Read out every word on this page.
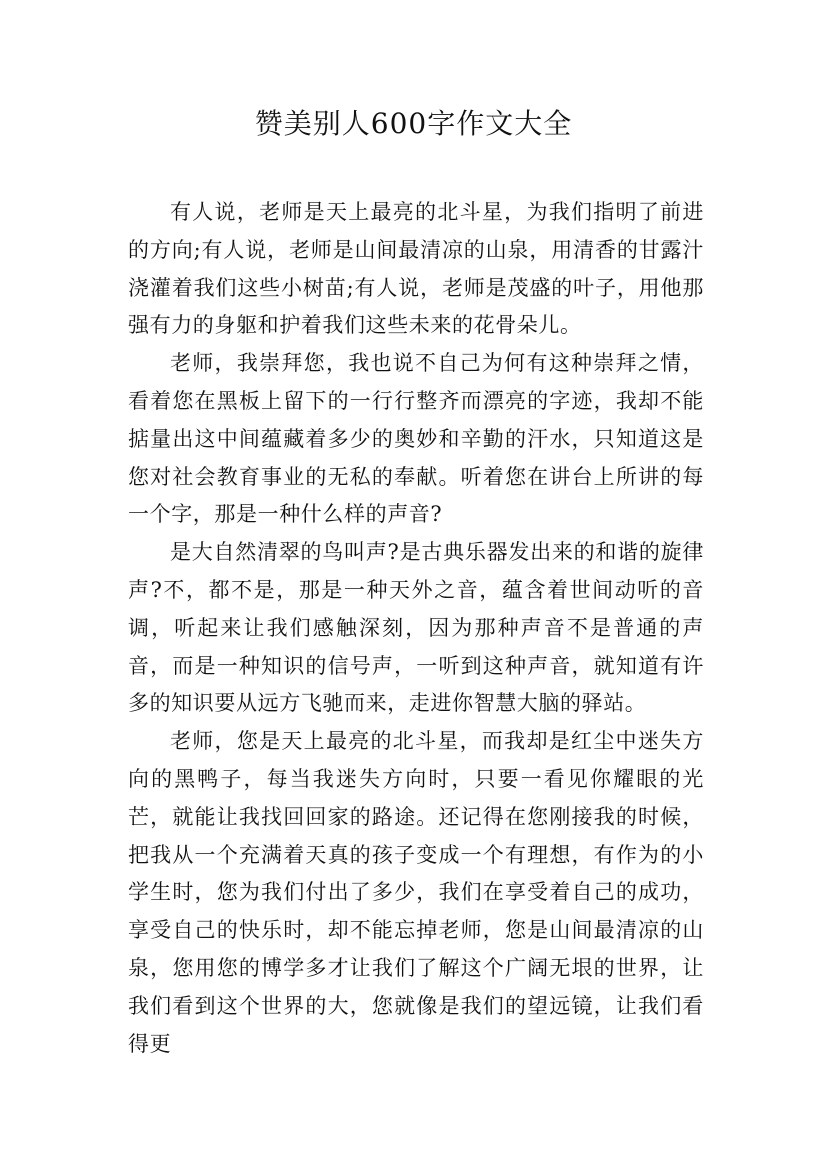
赞美别人600字作文大全

有人说，老师是天上最亮的北斗星，为我们指明了前进的方向;有人说，老师是山间最清凉的山泉，用清香的甘露汁浇灌着我们这些小树苗;有人说，老师是茂盛的叶子，用他那强有力的身躯和护着我们这些未来的花骨朵儿。

老师，我崇拜您，我也说不自己为何有这种崇拜之情，看着您在黑板上留下的一行行整齐而漂亮的字迹，我却不能掂量出这中间蕴藏着多少的奥妙和辛勤的汗水，只知道这是您对社会教育事业的无私的奉献。听着您在讲台上所讲的每一个字，那是一种什么样的声音?

是大自然清翠的鸟叫声?是古典乐器发出来的和谐的旋律声?不，都不是，那是一种天外之音，蕴含着世间动听的音调，听起来让我们感触深刻，因为那种声音不是普通的声音，而是一种知识的信号声，一听到这种声音，就知道有许多的知识要从远方飞驰而来，走进你智慧大脑的驿站。

老师，您是天上最亮的北斗星，而我却是红尘中迷失方向的黑鸭子，每当我迷失方向时，只要一看见你耀眼的光芒，就能让我找回回家的路途。还记得在您刚接我的时候，把我从一个充满着天真的孩子变成一个有理想，有作为的小学生时，您为我们付出了多少，我们在享受着自己的成功，享受自己的快乐时，却不能忘掉老师，您是山间最清凉的山泉，您用您的博学多才让我们了解这个广阔无垠的世界，让我们看到这个世界的大，您就像是我们的望远镜，让我们看得更
